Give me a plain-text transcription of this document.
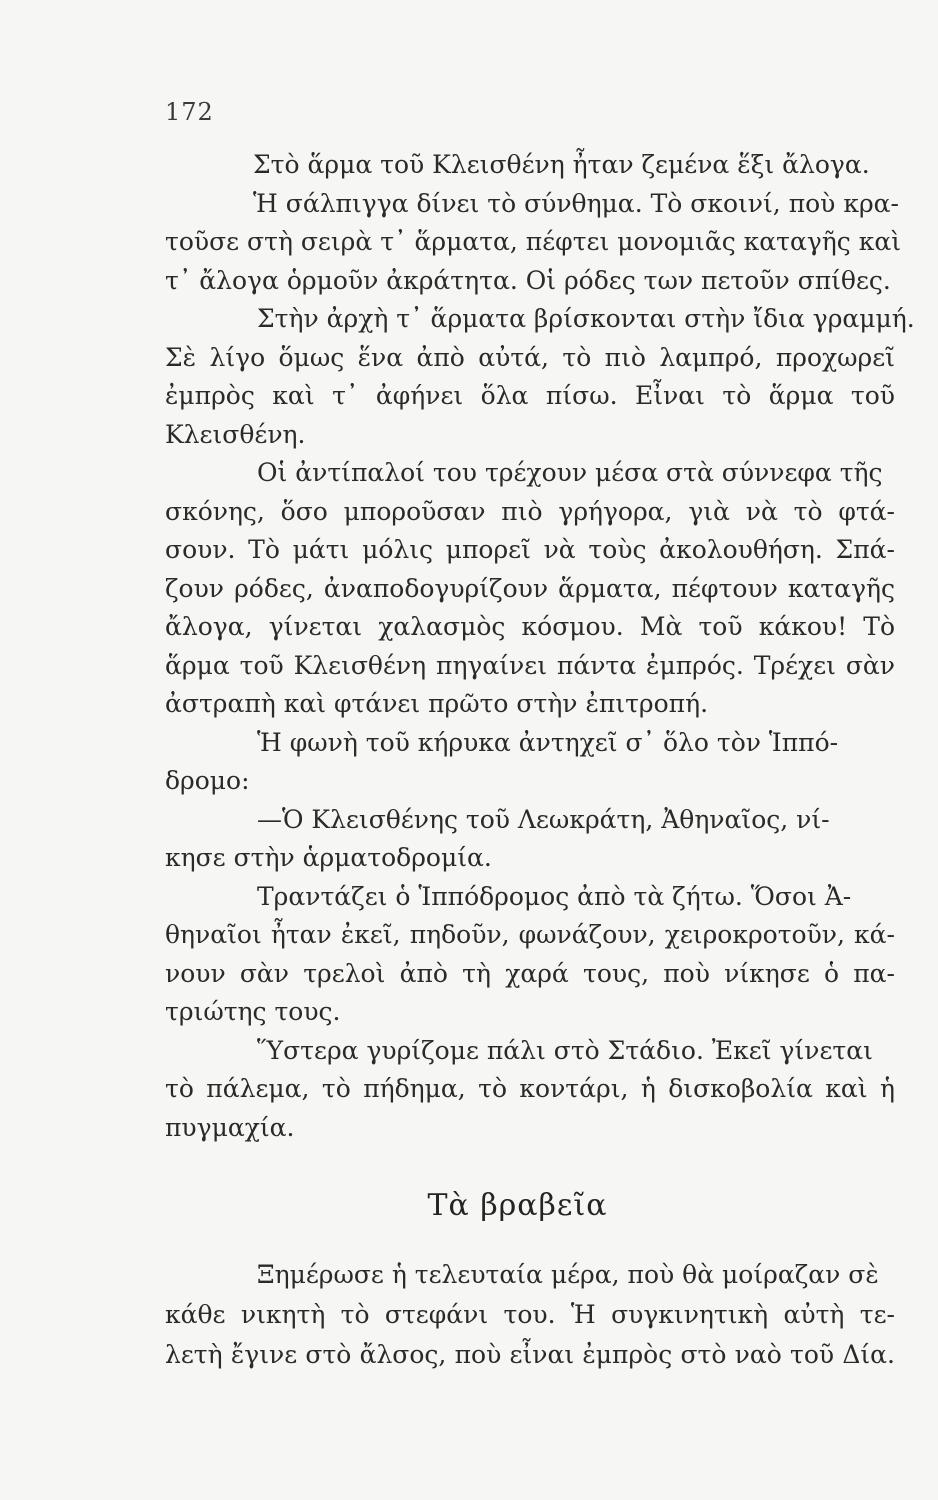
172
Στὸ ἅρμα τοῦ Κλεισθένη ἦταν ζεμένα ἕξι ἄλογα.
Ἡ σάλπιγγα δίνει τὸ σύνθημα. Τὸ σκοινί, ποὺ κρα-
τοῦσε στὴ σειρὰ τ᾽ ἅρματα, πέφτει μονομιᾶς καταγῆς καὶ
τ᾽ ἄλογα ὁρμοῦν ἀκράτητα. Οἱ ρόδες των πετοῦν σπίθες.
Στὴν ἀρχὴ τ᾽ ἅρματα βρίσκονται στὴν ἴδια γραμμή.
Σὲ λίγο ὅμως ἕνα ἀπὸ αὐτά, τὸ πιὸ λαμπρό, προχωρεῖ
ἐμπρὸς καὶ τ᾽ ἀφήνει ὅλα πίσω. Εἶναι τὸ ἅρμα τοῦ
Κλεισθένη.
Οἱ ἀντίπαλοί του τρέχουν μέσα στὰ σύννεφα τῆς
σκόνης, ὅσο μποροῦσαν πιὸ γρήγορα, γιὰ νὰ τὸ φτά-
σουν. Τὸ μάτι μόλις μπορεῖ νὰ τοὺς ἀκολουθήση. Σπά-
ζουν ρόδες, ἀναποδογυρίζουν ἅρματα, πέφτουν καταγῆς
ἄλογα, γίνεται χαλασμὸς κόσμου. Μὰ τοῦ κάκου! Τὸ
ἅρμα τοῦ Κλεισθένη πηγαίνει πάντα ἐμπρός. Τρέχει σὰν
ἀστραπὴ καὶ φτάνει πρῶτο στὴν ἐπιτροπή.
Ἡ φωνὴ τοῦ κήρυκα ἀντηχεῖ σ᾽ ὅλο τὸν Ἱππό-
δρομο:
—Ὁ Κλεισθένης τοῦ Λεωκράτη, Ἀθηναῖος, νί-
κησε στὴν ἁρματοδρομία.
Τραντάζει ὁ Ἱππόδρομος ἀπὸ τὰ ζήτω. Ὅσοι Ἀ-
θηναῖοι ἦταν ἐκεῖ, πηδοῦν, φωνάζουν, χειροκροτοῦν, κά-
νουν σὰν τρελοὶ ἀπὸ τὴ χαρά τους, ποὺ νίκησε ὁ πα-
τριώτης τους.
Ὕστερα γυρίζομε πάλι στὸ Στάδιο. Ἐκεῖ γίνεται
τὸ πάλεμα, τὸ πήδημα, τὸ κοντάρι, ἡ δισκοβολία καὶ ἡ
πυγμαχία.
Τὰ βραβεῖα
Ξημέρωσε ἡ τελευταία μέρα, ποὺ θὰ μοίραζαν σὲ
κάθε νικητὴ τὸ στεφάνι του. Ἡ συγκινητικὴ αὐτὴ τε-
λετὴ ἔγινε στὸ ἄλσος, ποὺ εἶναι ἐμπρὸς στὸ ναὸ τοῦ Δία.
